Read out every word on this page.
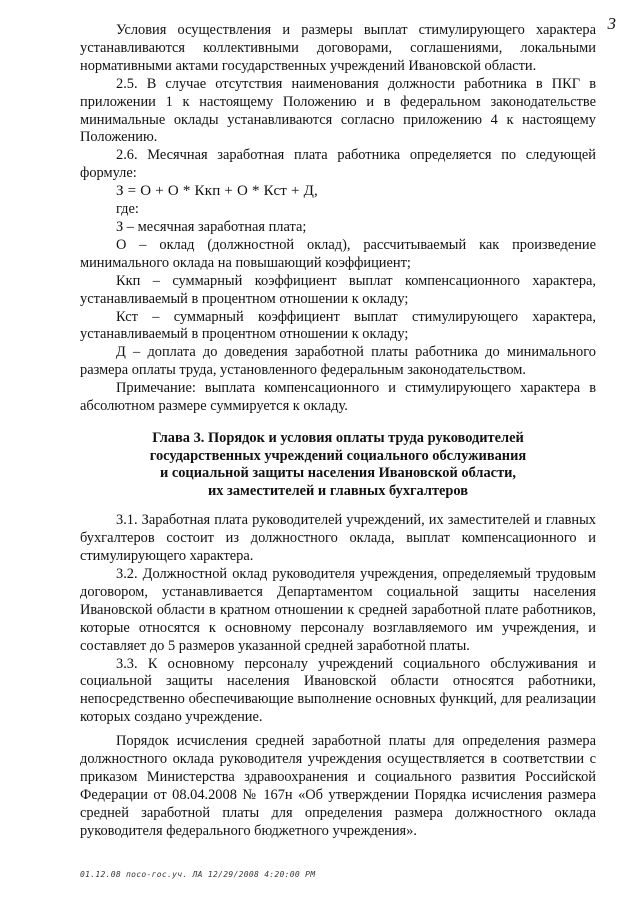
3

Условия осуществления и размеры выплат стимулирующего характера устанавливаются коллективными договорами, соглашениями, локальными нормативными актами государственных учреждений Ивановской области.

2.5. В случае отсутствия наименования должности работника в ПКГ в приложении 1 к настоящему Положению и в федеральном законодательстве минимальные оклады устанавливаются согласно приложению 4 к настоящему Положению.

2.6. Месячная заработная плата работника определяется по следующей формуле:

З = О + О * Ккп + О * Кст + Д,

где:

З – месячная заработная плата;

О – оклад (должностной оклад), рассчитываемый как произведение минимального оклада на повышающий коэффициент;

Ккп – суммарный коэффициент выплат компенсационного характера, устанавливаемый в процентном отношении к окладу;

Кст – суммарный коэффициент выплат стимулирующего характера, устанавливаемый в процентном отношении к окладу;

Д – доплата до доведения заработной платы работника до минимального размера оплаты труда, установленного федеральным законодательством.

Примечание: выплата компенсационного и стимулирующего характера в абсолютном размере суммируется к окладу.

Глава 3. Порядок и условия оплаты труда руководителей
государственных учреждений социального обслуживания
и социальной защиты населения Ивановской области,
их заместителей и главных бухгалтеров

3.1. Заработная плата руководителей учреждений, их заместителей и главных бухгалтеров состоит из должностного оклада, выплат компенсационного и стимулирующего характера.

3.2. Должностной оклад руководителя учреждения, определяемый трудовым договором, устанавливается Департаментом социальной защиты населения Ивановской области в кратном отношении к средней заработной плате работников, которые относятся к основному персоналу возглавляемого им учреждения, и составляет до 5 размеров указанной средней заработной платы.

3.3. К основному персоналу учреждений социального обслуживания и социальной защиты населения Ивановской области относятся работники, непосредственно обеспечивающие выполнение основных функций, для реализации которых создано учреждение.

Порядок исчисления средней заработной платы для определения размера должностного оклада руководителя учреждения осуществляется в соответствии с приказом Министерства здравоохранения и социального развития Российской Федерации от 08.04.2008 № 167н «Об утверждении Порядка исчисления размера средней заработной платы для определения размера должностного оклада руководителя федерального бюджетного учреждения».

01.12.08 посо-гос.уч. ЛА 12/29/2008 4:20:00 PM
